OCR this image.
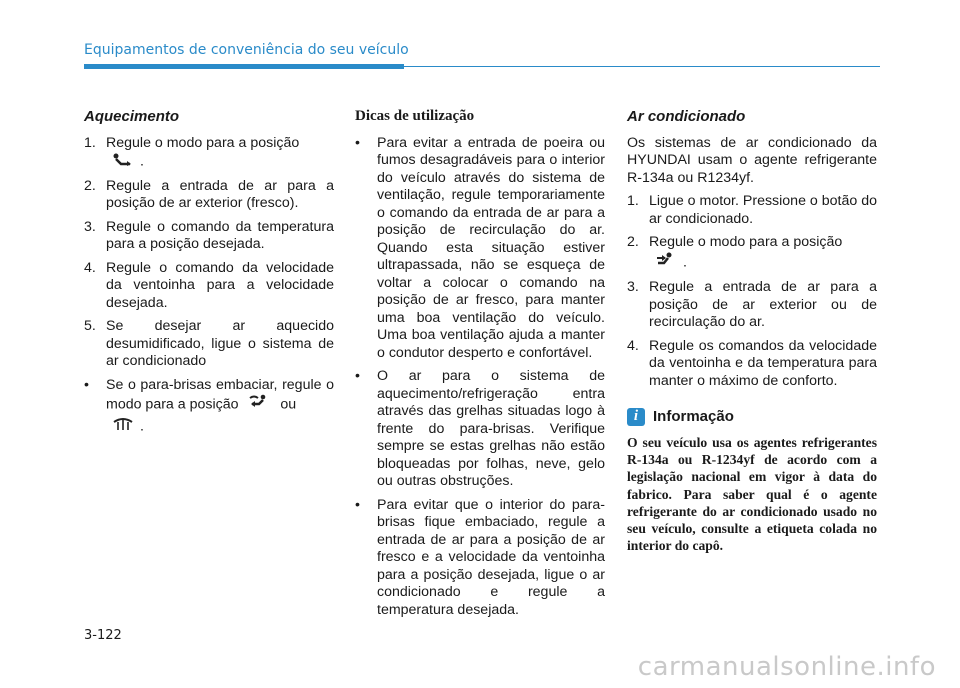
Equipamentos de conveniência do seu veículo
Aquecimento
1. Regule o modo para a posição
.
2. Regule a entrada de ar para a posição de ar exterior (fresco).
3. Regule o comando da temperatura para a posição desejada.
4. Regule o comando da velocidade da ventoinha para a velocidade desejada.
5. Se desejar ar aquecido desumidificado, ligue o sistema de ar condicionado
•	Se o para-brisas embaciar, regule o modo para a posição	ou
.
Dicas de utilização
•	Para evitar a entrada de poeira ou fumos desagradáveis para o interior do veículo através do sistema de ventilação, regule temporariamente o comando da entrada de ar para a posição de recirculação do ar. Quando esta situação estiver ultrapassada, não se esqueça de voltar a colocar o comando na posição de ar fresco, para manter uma boa ventilação do veículo. Uma boa ventilação ajuda a manter o condutor desperto e confortável.
•	O ar para o sistema de aquecimento/refrigeração entra através das grelhas situadas logo à frente do para-brisas. Verifique sempre se estas grelhas não estão bloqueadas por folhas, neve, gelo ou outras obstruções.
•	Para evitar que o interior do para-brisas fique embaciado, regule a entrada de ar para a posição de ar fresco e a velocidade da ventoinha para a posição desejada, ligue o ar condicionado e regule a temperatura desejada.
Ar condicionado
Os sistemas de ar condicionado da HYUNDAI usam o agente refrigerante R-134a ou R1234yf.
1. Ligue o motor. Pressione o botão do ar condicionado.
2. Regule o modo para a posição
.
3. Regule a entrada de ar para a posição de ar exterior ou de recirculação do ar.
4. Regule os comandos da velocidade da ventoinha e da temperatura para manter o máximo de conforto.
i Informação
O seu veículo usa os agentes refrigerantes R-134a ou R-1234yf de acordo com a legislação nacional em vigor à data do fabrico. Para saber qual é o agente refrigerante do ar condicionado usado no seu veículo, consulte a etiqueta colada no interior do capô.
3-122
carmanualsonline.info
